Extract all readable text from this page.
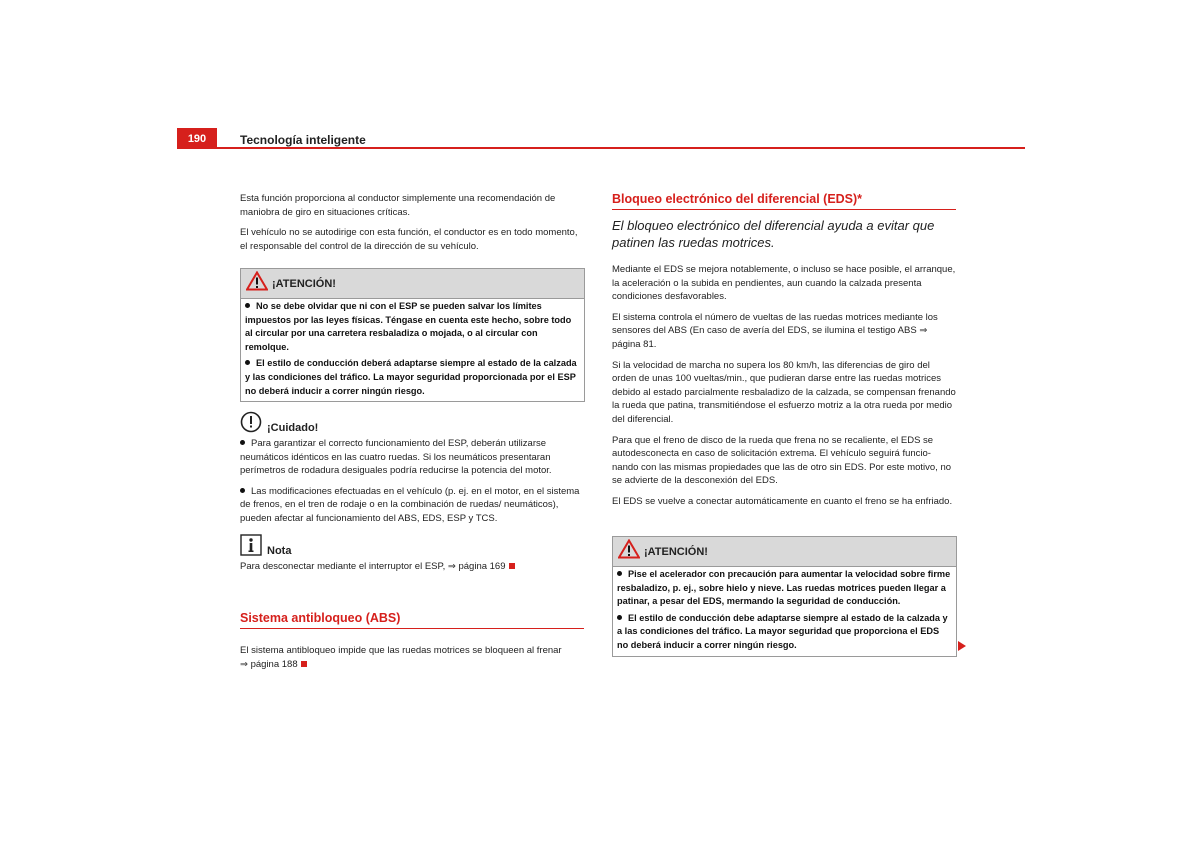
190	Tecnología inteligente

Esta función proporciona al conductor simplemente una recomendación de maniobra de giro en situaciones críticas.

El vehículo no se autodirige con esta función, el conductor es en todo momento, el responsable del control de la dirección de su vehículo.

¡ATENCIÓN!
No se debe olvidar que ni con el ESP se pueden salvar los límites impuestos por las leyes físicas. Téngase en cuenta este hecho, sobre todo al circular por una carretera resbaladiza o mojada, o al circular con remolque.
El estilo de conducción deberá adaptarse siempre al estado de la calzada y las condiciones del tráfico. La mayor seguridad proporcionada por el ESP no deberá inducir a correr ningún riesgo.
¡Cuidado!

Para garantizar el correcto funcionamiento del ESP, deberán utilizarse neumáticos idénticos en las cuatro ruedas. Si los neumáticos presentaran perímetros de rodadura desiguales podría reducirse la potencia del motor.

Las modificaciones efectuadas en el vehículo (p. ej. en el motor, en el sistema de frenos, en el tren de rodaje o en la combinación de ruedas/ neumáticos), pueden afectar al funcionamiento del ABS, EDS, ESP y TCS.

Nota

Para desconectar mediante el interruptor el ESP, ⇒ página 169

Sistema antibloqueo (ABS)

El sistema antibloqueo impide que las ruedas motrices se bloqueen al frenar

⇒ página 188

Bloqueo electrónico del diferencial (EDS)*
El bloqueo electrónico del diferencial ayuda a evitar que
patinen las ruedas motrices.

Mediante el EDS se mejora notablemente, o incluso se hace posible, el arranque, la aceleración o la subida en pendientes, aun cuando la calzada presenta condiciones desfavorables.

El sistema controla el número de vueltas de las ruedas motrices mediante los sensores del ABS (En caso de avería del EDS, se ilumina el testigo ABS ⇒ página 81.

Si la velocidad de marcha no supera los 80 km/h, las diferencias de giro del orden de unas 100 vueltas/min., que pudieran darse entre las ruedas motrices debido al estado parcialmente resbaladizo de la calzada, se compensan frenando la rueda que patina, transmitiéndose el esfuerzo motriz a la otra rueda por medio del diferencial.

Para que el freno de disco de la rueda que frena no se recaliente, el EDS se autodesconecta en caso de solicitación extrema. El vehículo seguirá funcio-nando con las mismas propiedades que las de otro sin EDS. Por este motivo, no se advierte de la desconexión del EDS.

El EDS se vuelve a conectar automáticamente en cuanto el freno se ha enfriado.

¡ATENCIÓN!
Pise el acelerador con precaución para aumentar la velocidad sobre firme resbaladizo, p. ej., sobre hielo y nieve. Las ruedas motrices pueden llegar a patinar, a pesar del EDS, mermando la seguridad de conducción.
El estilo de conducción debe adaptarse siempre al estado de la calzada y a las condiciones del tráfico. La mayor seguridad que proporciona el EDS no deberá inducir a correr ningún riesgo.
